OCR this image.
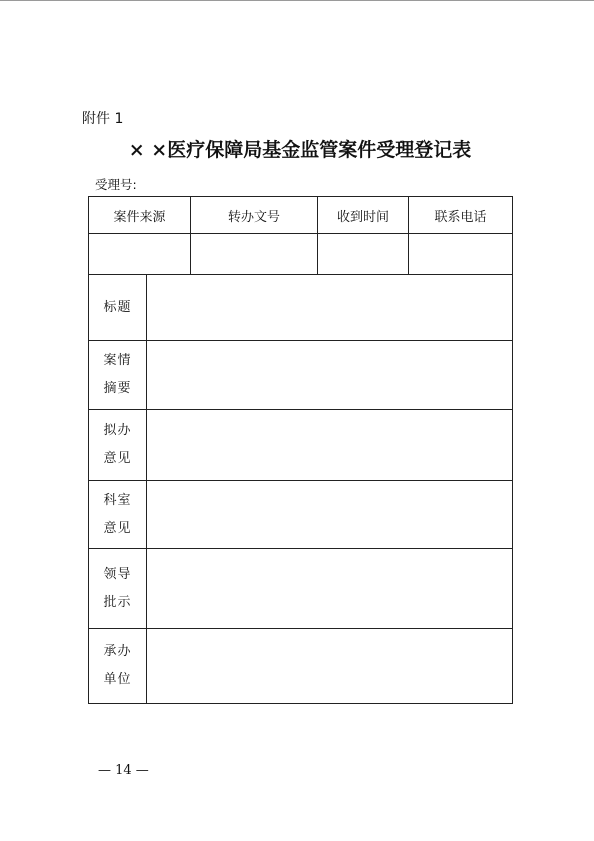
附件 1
× ×医疗保障局基金监管案件受理登记表
受理号:
案件来源		转办文号	收到时间	联系电话

标题				

案情
摘要				

拟办
意见				

科室
意见				

领导
批示				

承办
单位				

— 14 —
